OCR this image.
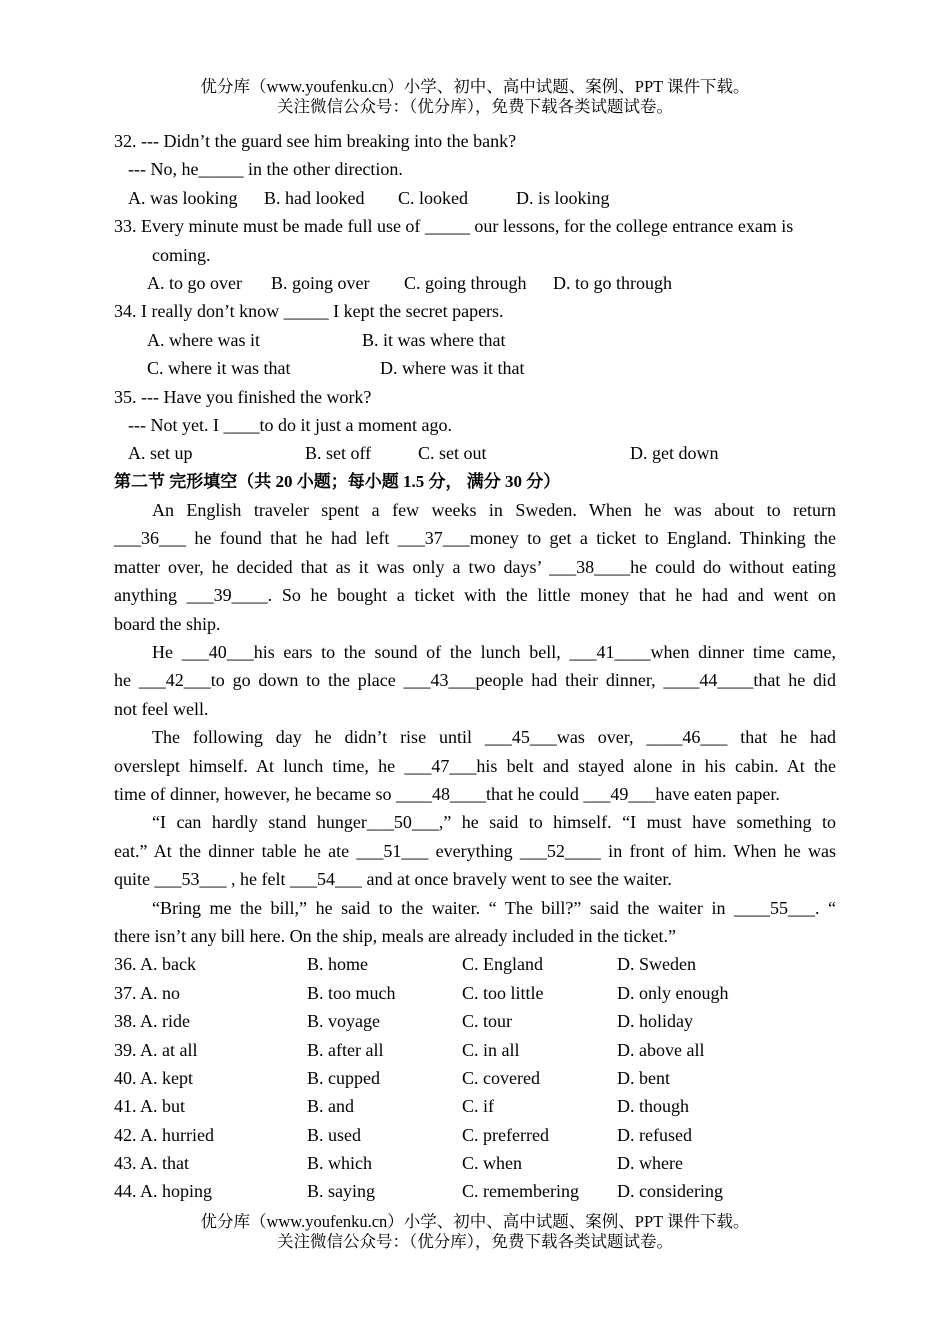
优分库（www.youfenku.cn）小学、初中、高中试题、案例、PPT 课件下载。
关注微信公众号：（优分库），免费下载各类试题试卷。
32. --- Didn’t the guard see him breaking into the bank?
--- No, he_____ in the other direction.
A. was looking B. had looked C. looked	D. is looking
33. Every minute must be made full use of _____ our lessons, for the college entrance exam is
coming.
A. to go over B. going over C. going through D. to go through
34. I really don’t know _____ I kept the secret papers.
A. where was it	B. it was where that
C. where it was that	D. where was it that
35. --- Have you finished the work?
--- Not yet. I ____to do it just a moment ago.
A. set up	B. set off	C. set out	D. get down
第二节 完形填空（共 20 小题；每小题 1.5 分， 满分 30 分）
An English traveler spent a few weeks in Sweden. When he was about to return
___36___ he found that he had left ___37___money to get a ticket to England. Thinking the
matter over, he decided that as it was only a two days’ ___38____he could do without eating
anything ___39____. So he bought a ticket with the little money that he had and went on
board the ship.
He ___40___his ears to the sound of the lunch bell, ___41____when dinner time came,
he ___42___to go down to the place ___43___people had their dinner, ____44____that he did
not feel well.
The following day he didn’t rise until ___45___was over, ____46___ that he had
overslept himself. At lunch time, he ___47___his belt and stayed alone in his cabin. At the
time of dinner, however, he became so ____48____that he could ___49___have eaten paper.
“I can hardly stand hunger___50___,” he said to himself. “I must have something to
eat.” At the dinner table he ate ___51___ everything ___52____ in front of him. When he was
quite ___53___ , he felt ___54___ and at once bravely went to see the waiter.
“Bring me the bill,” he said to the waiter. “ The bill?” said the waiter in ____55___. “
there isn’t any bill here. On the ship, meals are already included in the ticket.”
36. A. back	B. home	C. England	D. Sweden
37. A. no	B. too much	C. too little	D. only enough
38. A. ride	B. voyage	C. tour	D. holiday
39. A. at all	B. after all	C. in all	D. above all
40. A. kept	B. cupped	C. covered	D. bent
41. A. but	B. and	C. if	D. though
42. A. hurried	B. used	C. preferred	D. refused
43. A. that	B. which	C. when	D. where
44. A. hoping	B. saying	C. remembering D. considering
优分库（www.youfenku.cn）小学、初中、高中试题、案例、PPT 课件下载。
关注微信公众号：（优分库），免费下载各类试题试卷。
